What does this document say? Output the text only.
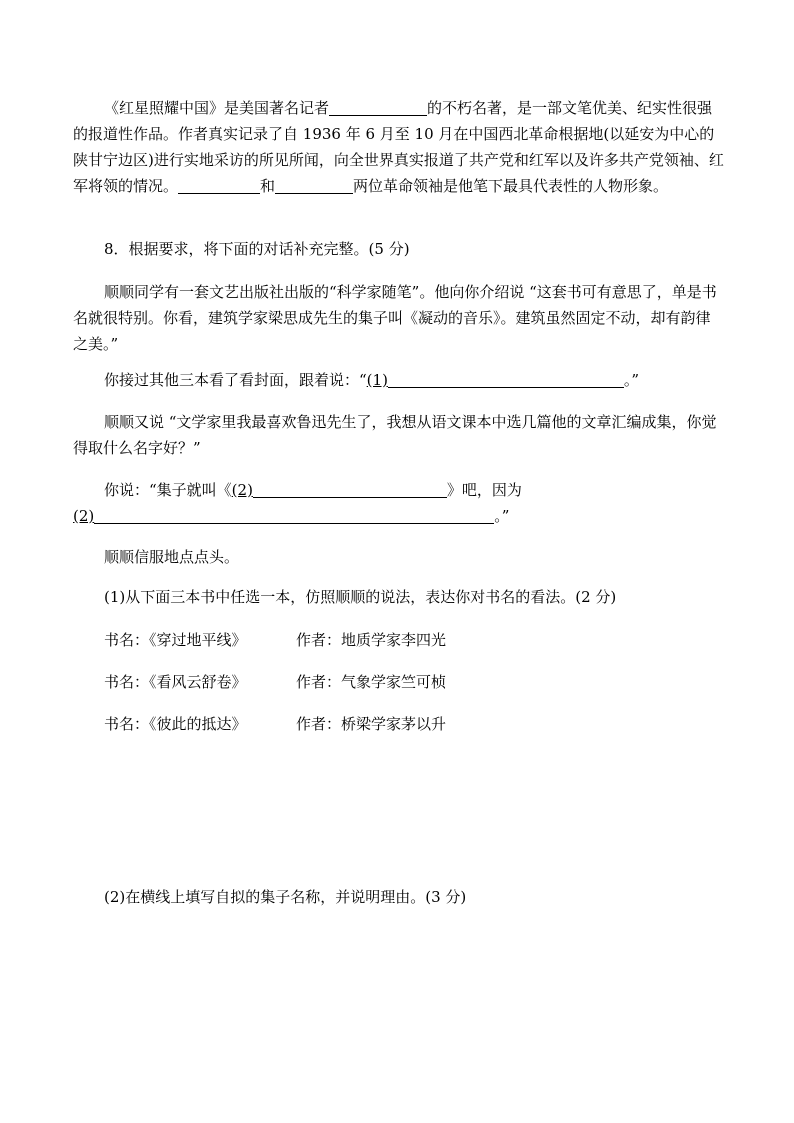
《红星照耀中国》是美国著名记者	的不朽名著，是一部文笔优美、纪实性很强的报道性作品。作者真实记录了自 1936 年 6 月至 10 月在中国西北革命根据地(以延安为中心的陕甘宁边区)进行实地采访的所见所闻，向全世界真实报道了共产党和红军以及许多共产党领袖、红军将领的情况。	和	两位革命领袖是他笔下最具代表性的人物形象。

8．根据要求，将下面的对话补充完整。(5 分)

顺顺同学有一套文艺出版社出版的“科学家随笔”。他向你介绍说 “这套书可有意思了，单是书名就很特别。你看，建筑学家梁思成先生的集子叫《凝动的音乐》。建筑虽然固定不动，却有韵律之美。”

你接过其他三本看了看封面，跟着说：“(1)	。”

顺顺又说 “文学家里我最喜欢鲁迅先生了，我想从语文课本中选几篇他的文章汇编成集，你觉得取什么名字好？”

你说：“集子就叫《(2)	》吧，因为

(2)	。”

顺顺信服地点点头。

(1)从下面三本书中任选一本，仿照顺顺的说法，表达你对书名的看法。(2 分)

书名：《穿过地平线》	作者：地质学家李四光
书名：《看风云舒卷》	作者：气象学家竺可桢
书名：《彼此的抵达》	作者：桥梁学家茅以升

(2)在横线上填写自拟的集子名称，并说明理由。(3 分)
